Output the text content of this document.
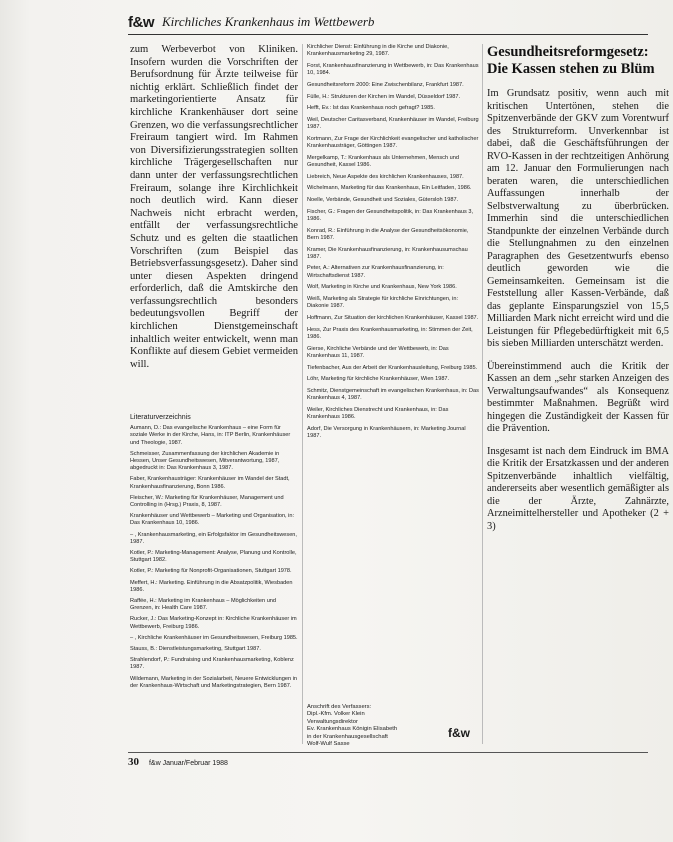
f&w Kirchliches Krankenhaus im Wettbewerb

zum Werbeverbot von Kliniken. Insofern wurden die Vorschriften der Berufsordnung für Ärzte teilweise für nichtig erklärt. Schließlich findet der marketingorientierte Ansatz für kirchliche Krankenhäuser dort seine Grenzen, wo die verfassungsrechtlicher Freiraum tangiert wird. Im Rahmen von Diversifizierungsstrategien sollten kirchliche Trägergesellschaften nur dann unter der verfassungsrechtlichen Freiraum, solange ihre Kirchlichkeit noch deutlich wird. Kann dieser Nachweis nicht erbracht werden, entfällt der verfassungsrechtliche Schutz und es gelten die staatlichen Vorschriften (zum Beispiel das Betriebsverfassungsgesetz). Daher sind unter diesen Aspekten dringend erforderlich, daß die Amtskirche den verfassungsrechtlich besonders bedeutungsvollen Begriff der kirchlichen Dienstgemeinschaft inhaltlich weiter entwickelt, wenn man Konflikte auf diesem Gebiet vermeiden will.

Literaturverzeichnis
Aumann, D.: Das evangelische Krankenhaus – eine Form für soziale Werke in der Kirche, Hans, in: ITP Berlin, Krankenhäuser und Theologie, 1987.
Schmeisser, Zusammenfassung der kirchlichen Akademie in Hessen, Unser Gesundheitswesen, Mitverantwortung, 1987, abgedruckt in: Das Krankenhaus 3, 1987.
Faber, Krankenhausträger: Krankenhäuser im Wandel der Stadt, Krankenhausfinanzierung, Bonn 1986.
Fleischer, W.: Marketing für Krankenhäuser, Management und Controlling in (Hrsg.) Praxis, 8, 1987.
Krankenhäuser und Wettbewerb – Marketing und Organisation, in: Das Krankenhaus 10, 1986.
– , Krankenhausmarketing, ein Erfolgsfaktor im Gesundheitswesen, 1987.
Kotler, P.: Marketing-Management: Analyse, Planung und Kontrolle, Stuttgart 1982.
Kotler, P.: Marketing für Nonprofit-Organisationen, Stuttgart 1978.
Meffert, H.: Marketing. Einführung in die Absatzpolitik, Wiesbaden 1986.
Raffée, H.: Marketing im Krankenhaus – Möglichkeiten und Grenzen, in: Health Care 1987.
Rucker, J.: Das Marketing-Konzept in: Kirchliche Krankenhäuser im Wettbewerb, Freiburg 1986.
– , Kirchliche Krankenhäuser im Gesundheitswesen, Freiburg 1985.
Stauss, B.: Dienstleistungsmarketing, Stuttgart 1987.
Strahlendorf, P.: Fundraising und Krankenhausmarketing, Koblenz 1987.
Wildemann, Marketing in der Sozialarbeit, Neuere Entwicklungen in der Krankenhaus-Wirtschaft und Marketingstrategien, Bern 1987.
Kirchlicher Dienst: Einführung in die Kirche und Diakonie, Krankenhausmarketing 29, 1987.
Forst, Krankenhausfinanzierung in Wettbewerb, in: Das Krankenhaus 10, 1984.
Gesundheitsreform 2000: Eine Zwischenbilanz, Frankfurt 1987.
Fülle, H.: Strukturen der Kirchen im Wandel, Düsseldorf 1987.
Hefft, Ev.: Ist das Krankenhaus noch gefragt? 1985.
Weil, Deutscher Caritasverband, Krankenhäuser im Wandel, Freiburg 1987.
Kortmann, Zur Frage der Kirchlichkeit evangelischer und katholischer Krankenhausträger, Göttingen 1987.
Mergelkamp, T.: Krankenhaus als Unternehmen, Mensch und Gesundheit, Kassel 1986.
Liebreich, Neue Aspekte des kirchlichen Krankenhauses, 1987.
Wichelmann, Marketing für das Krankenhaus, Ein Leitfaden, 1986.
Noelle, Verbände, Gesundheit und Soziales, Gütersloh 1987.
Fischer, G.: Fragen der Gesundheitspolitik, in: Das Krankenhaus 3, 1986.
Konrad, R.: Einführung in die Analyse der Gesundheitsökonomie, Bern 1987.
Kramer, Die Krankenhausfinanzierung, in: Krankenhausumschau 1987.
Peter, A.: Alternativen zur Krankenhausfinanzierung, in: Wirtschaftsdienst 1987.
Wolf, Marketing in Kirche und Krankenhaus, New York 1986.
Weiß, Marketing als Strategie für kirchliche Einrichtungen, in: Diakonie 1987.
Hoffmann, Zur Situation der kirchlichen Krankenhäuser, Kassel 1987.
Hess, Zur Praxis des Krankenhausmarketing, in: Stimmen der Zeit, 1986.
Gierse, Kirchliche Verbände und der Wettbewerb, in: Das Krankenhaus 11, 1987.
Tiefenbacher, Aus der Arbeit der Krankenhausleitung, Freiburg 1985.
Löhr, Marketing für kirchliche Krankenhäuser, Wien 1987.
Schmitz, Dienstgemeinschaft im evangelischen Krankenhaus, in: Das Krankenhaus 4, 1987.
Weiler, Kirchliches Dienstrecht und Krankenhaus, in: Das Krankenhaus 1986.
Adorf, Die Versorgung in Krankenhäusern, in: Marketing Journal 1987.
Anschrift des Verfassers:
Dipl.-Kfm. Volker Klein
Verwaltungsdirektor
Ev. Krankenhaus Königin Elisabeth
in der Krankenhausgesellschaft
Wolf-Wulf Sasse
f&w
Gesundheitsreformgesetz: Die Kassen stehen zu Blüm

Im Grundsatz positiv, wenn auch mit kritischen Untertönen, stehen die Spitzenverbände der GKV zum Vorentwurf des Strukturreform. Unverkennbar ist dabei, daß die Geschäftsführungen der RVO-Kassen in der rechtzeitigen Anhörung am 12. Januar den Formulierungen nach beraten waren, die unterschiedlichen Auffassungen innerhalb der Selbstverwaltung zu überbrücken. Immerhin sind die unterschiedlichen Standpunkte der einzelnen Verbände durch die Stellungnahmen zu den einzelnen Paragraphen des Gesetzentwurfs ebenso deutlich geworden wie die Gemeinsamkeiten. Gemeinsam ist die Feststellung aller Kassen-Verbände, daß das geplante Einsparungsziel von 15,5 Milliarden Mark nicht erreicht wird und die Leistungen für Pflegebedürftigkeit mit 6,5 bis sieben Milliarden unterschätzt werden.

Übereinstimmend auch die Kritik der Kassen an dem „sehr starken Anzeigen des Verwaltungsaufwandes“ als Konsequenz bestimmter Maßnahmen. Begrüßt wird hingegen die Zuständigkeit der Kassen für die Prävention.

Insgesamt ist nach dem Eindruck im BMA die Kritik der Ersatzkassen und der anderen Spitzenverbände inhaltlich vielfältig, andererseits aber wesentlich gemäßigter als die der Ärzte, Zahnärzte, Arzneimittelhersteller und Apotheker (2 + 3)

30 f&w Januar/Februar 1988
